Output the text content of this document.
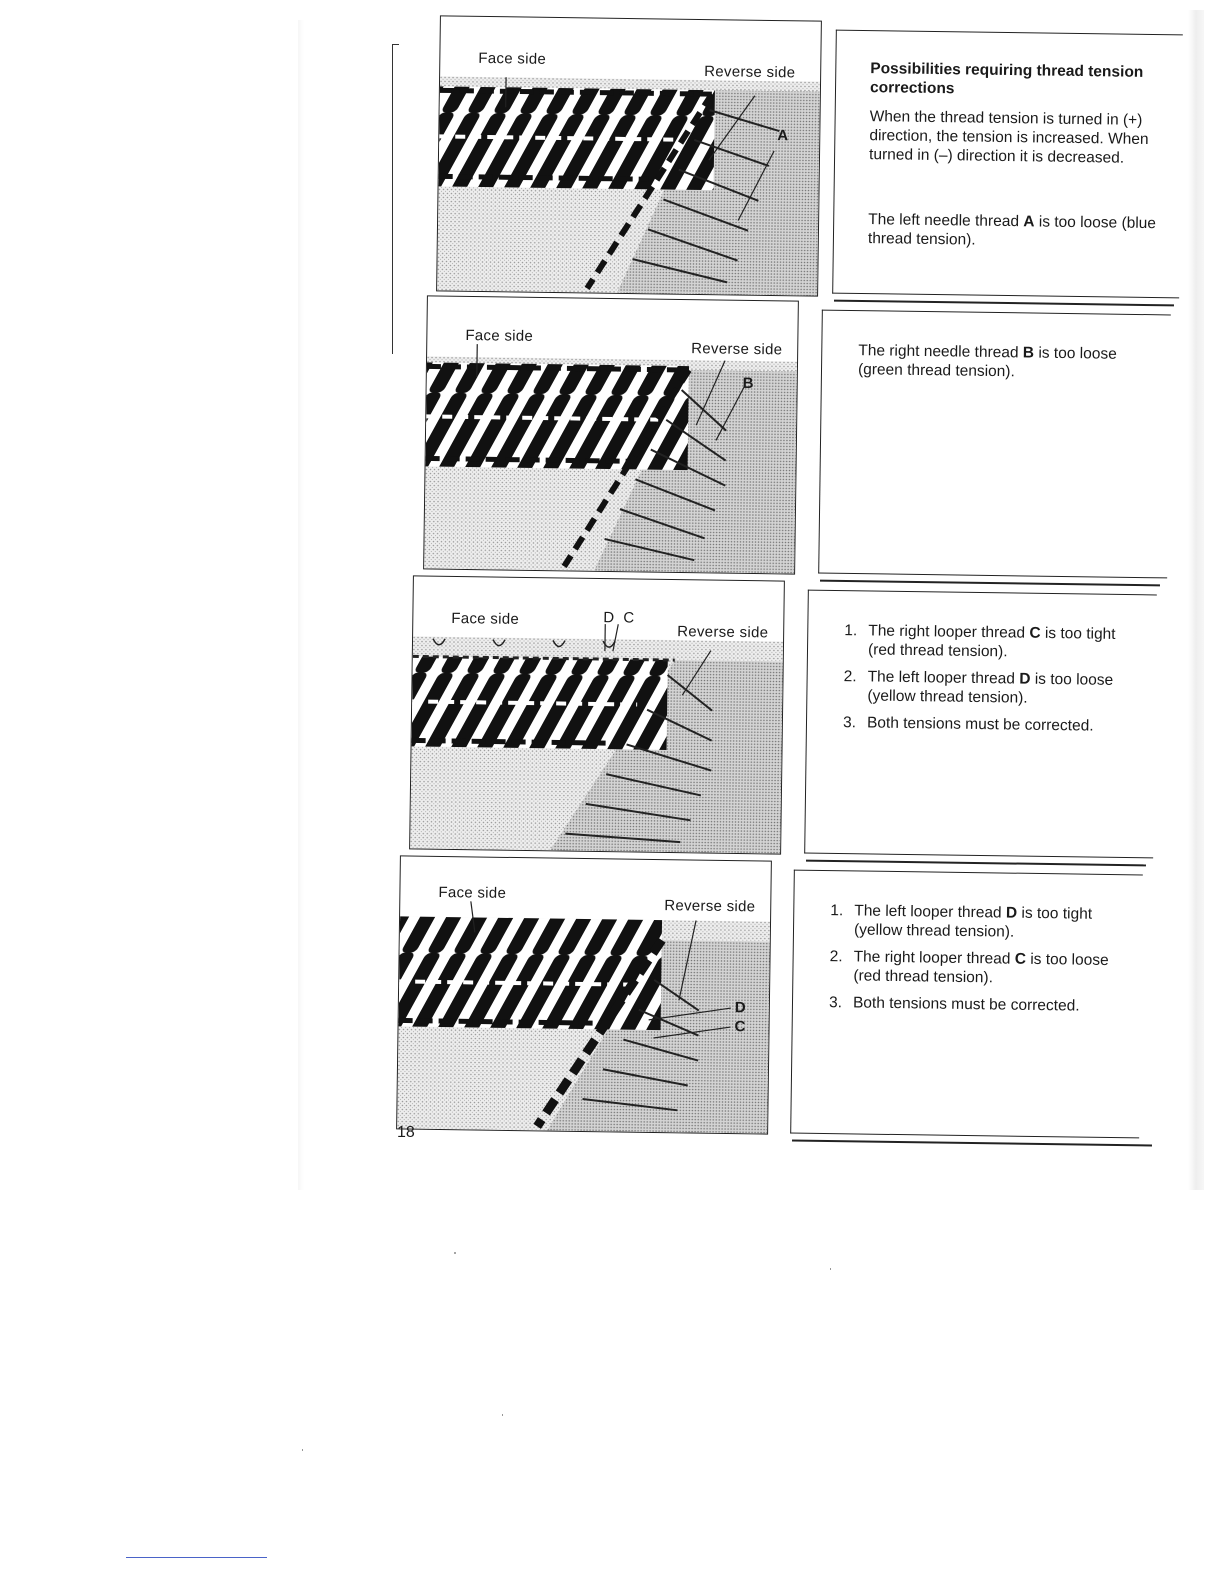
Face side
Reverse side
A
Face side
Reverse side
B
Face side
Reverse side
D C
Face side
Reverse side
D
C

Possibilities requiring thread tension corrections

When the thread tension is turned in (+) direction, the tension is increased. When turned in (–) direction it is decreased.

The left needle thread A is too loose (blue thread tension).

The right needle thread B is too loose (green thread tension).

1. The right looper thread C is too tight (red thread tension).
2. The left looper thread D is too loose (yellow thread tension).
3. Both tensions must be corrected.
1. The left looper thread D is too tight (yellow thread tension).
2. The right looper thread C is too loose (red thread tension).
3. Both tensions must be corrected.
18
